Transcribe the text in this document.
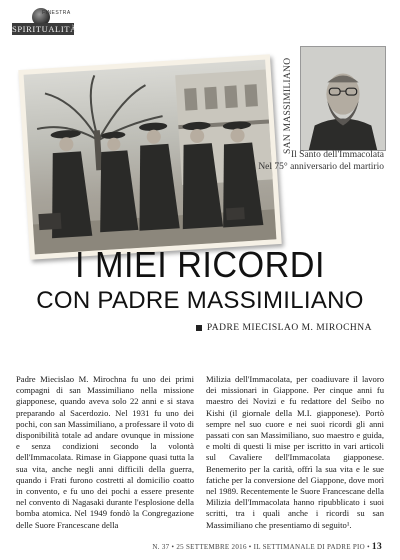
FINESTRA
SPIRITUALITÀ
SAN MASSIMILIANO
Il Santo dell'Immacolata
Nel 75° anniversario del martirio
I MIEI RICORDI
CON PADRE MASSIMILIANO
PADRE MIECISLAO M. MIROCHNA
Padre Miecislao M. Mirochna fu uno dei primi compagni di san Massimiliano nella missione giapponese, quando aveva solo 22 anni e si stava preparando al Sacerdozio. Nel 1931 fu uno dei pochi, con san Massimiliano, a professare il voto di disponibilità totale ad andare ovunque in missione e senza condizioni secondo la volontà dell'Immacolata. Rimase in Giappone quasi tutta la sua vita, anche negli anni difficili della guerra, quando i Frati furono costretti al domicilio coatto in convento, e fu uno dei pochi a essere presente nel convento di Nagasaki durante l'esplosione della bomba atomica. Nel 1949 fondò la Congregazione delle Suore Francescane della
Milizia dell'Immacolata, per coadiuvare il lavoro dei missionari in Giappone. Per cinque anni fu maestro dei Novizi e fu redattore del Seibo no Kishi (il giornale della M.I. giapponese). Portò sempre nel suo cuore e nei suoi ricordi gli anni passati con san Massimiliano, suo maestro e guida, e molti di questi li mise per iscritto in vari articoli sul Cavaliere dell'Immacolata giapponese. Benemerito per la carità, offrì la sua vita e le sue fatiche per la conversione del Giappone, dove morì nel 1989. Recentemente le Suore Francescane della Milizia dell'Immacolata hanno ripubblicato i suoi scritti, tra i quali anche i ricordi su san Massimiliano che presentiamo di seguito¹.
N. 37 • 25 SETTEMBRE 2016 • IL SETTIMANALE DI PADRE PIO • 13
